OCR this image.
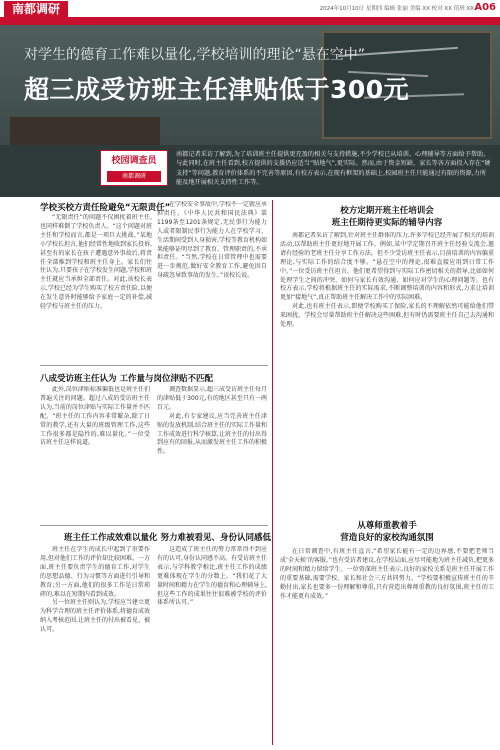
南都调研	2024年10月10日 星期四 编辑 张丽 美编 XX 校对 XX 值班 XX A06
对学生的德育工作难以量化,学校培训的理论“悬在空中”
超三成受访班主任津贴低于300元
校园调查员
南都调研
南都记者采访了解到,为了培训班主任提供更充盈的相关与支持措施,不少学校已从培训、心理辅导等方面给予帮助。与此同时,在班主任看到,校方提供的支援仍应适当“贴地气”,更实际。然而,由于资金短缺、家长等各方面投入存在“硬支持”等问题,教育评价体系的不完善等原因,有校方表示,在现有框架的基础上,校园班主任只能通过有限的资源,力所能及地开展相关支持性工作等。
学校买校方责任险避免“无限责任”

“无限责任”的问题不仅困扰着班主任,也同样难倒了学校负责人。“这个问题对班主任和学校而言,都是一项巨大挑战。”某地小学校长坦言,他们经常性地收到家长投诉,甚至有的家长在孩子遭遇意外事故后,将责任全部推到学校和班主任身上。家长们往往认为,只要孩子在学校发生问题,学校和班主任就应当承担全部责任。对此,该校长表示,学校已经为学生购买了校方责任险,以便在发生意外时能够给予家庭一定的补偿,减轻学校与班主任的压力。

在学校安全事故中,学校不一定就应承担责任。《中华人民共和国民法典》第1199条至1201条规定,无民事行为能力人或者限制民事行为能力人在学校学习、生活期间受到人身损害,学校等教育机构如果能够证明尽到了教育、管理职责的,不承担责任。“当然,学校在日常管理中也需要进一步规范,做好安全教育工作,避免因自身疏忽导致事故的发生。”该校长说。

八成受访班主任认为 工作量与岗位津贴不匹配

此外,岗位津贴标准偏低也是班主任们普遍关注的问题。超过八成的受访班主任认为,当前的岗位津贴与实际工作量并不匹配。“班主任的工作内容非常繁杂,除了日常的教学,还有大量的班级管理工作,这些工作很多都是隐性的,难以量化。”一位受访班主任这样说道。

调查数据显示,超三成受访班主任每月的津贴低于300元,有的地区甚至只有一两百元。

对此,有专家建议,应当完善班主任津贴的发放机制,结合班主任的实际工作量和工作成效进行科学核算,让班主任的付出得到应有的回报,从而激发班主任工作的积极性。

班主任工作成效难以量化 努力难被看见、身份认同感低

班主任在学生的成长中起到了重要作用,但对他们工作的评价却比较困难。一方面,班主任要负责学生的德育工作,对学生的思想品德、行为习惯等方面进行引导和教育;另一方面,他们的很多工作是日常琐碎的,难以在短期内看到成效。

另一位班主任则认为,学校应当建立更为科学合理的班主任评价体系,将德育成效纳入考核范围,让班主任的付出被看见、被认可。

这造成了班主任的努力常常得不到应有的认可,身份认同感不高。有受访班主任表示,与学科教学相比,班主任工作的成绩更难体现在学生的分数上。“我们花了大量时间和精力在学生的德育和心理辅导上,但这些工作的成果往往很难被学校的评价体系所认可。”

校方定期开班主任培训会
班主任期待更实际的辅导内容

南都记者采访了解到,针对班主任群体的压力,许多学校已经开展了相关的培训活动,以帮助班主任更好地开展工作。例如,某中学定期召开班主任经验交流会,邀请有经验的老班主任分享工作方法。但不少受访班主任表示,目前培训的内容偏重理论,与实际工作的结合度不够。“悬在空中的理论,很难直接应用到日常工作中。”一位受访班主任坦言。他们更希望得到与实际工作密切相关的指导,比如如何处理学生之间的冲突、如何与家长有效沟通、如何应对学生的心理问题等。也有校方表示,学校将根据班主任的实际需求,不断调整培训的内容和形式,力求让培训更加“接地气”,真正帮助班主任解决工作中的实际困难。

对此,也有班主任表示,即便学校购买了保险,家长的不理解依然可能给他们带来困扰。学校会尽量帮助班主任解决这些困难,但有时仍需要班主任自己去沟通和处理。

从尊师重教着手
营造良好的家校沟通氛围

在日常调查中,有班主任直言,“希望家长能有一定的边界感,不要把老师当成‘全天候’的客服。”也有受访者建议,在学校层面,应尽可能地为班主任减负,把更多的时间和精力留给学生。一位资深班主任表示,良好的家校关系是班主任开展工作的重要基础,需要学校、家长和社会三方共同努力。“学校要积极宣传班主任的辛勤付出,家长也要多一份理解和尊重,只有营造出尊师重教的良好氛围,班主任的工作才能更有成效。”
